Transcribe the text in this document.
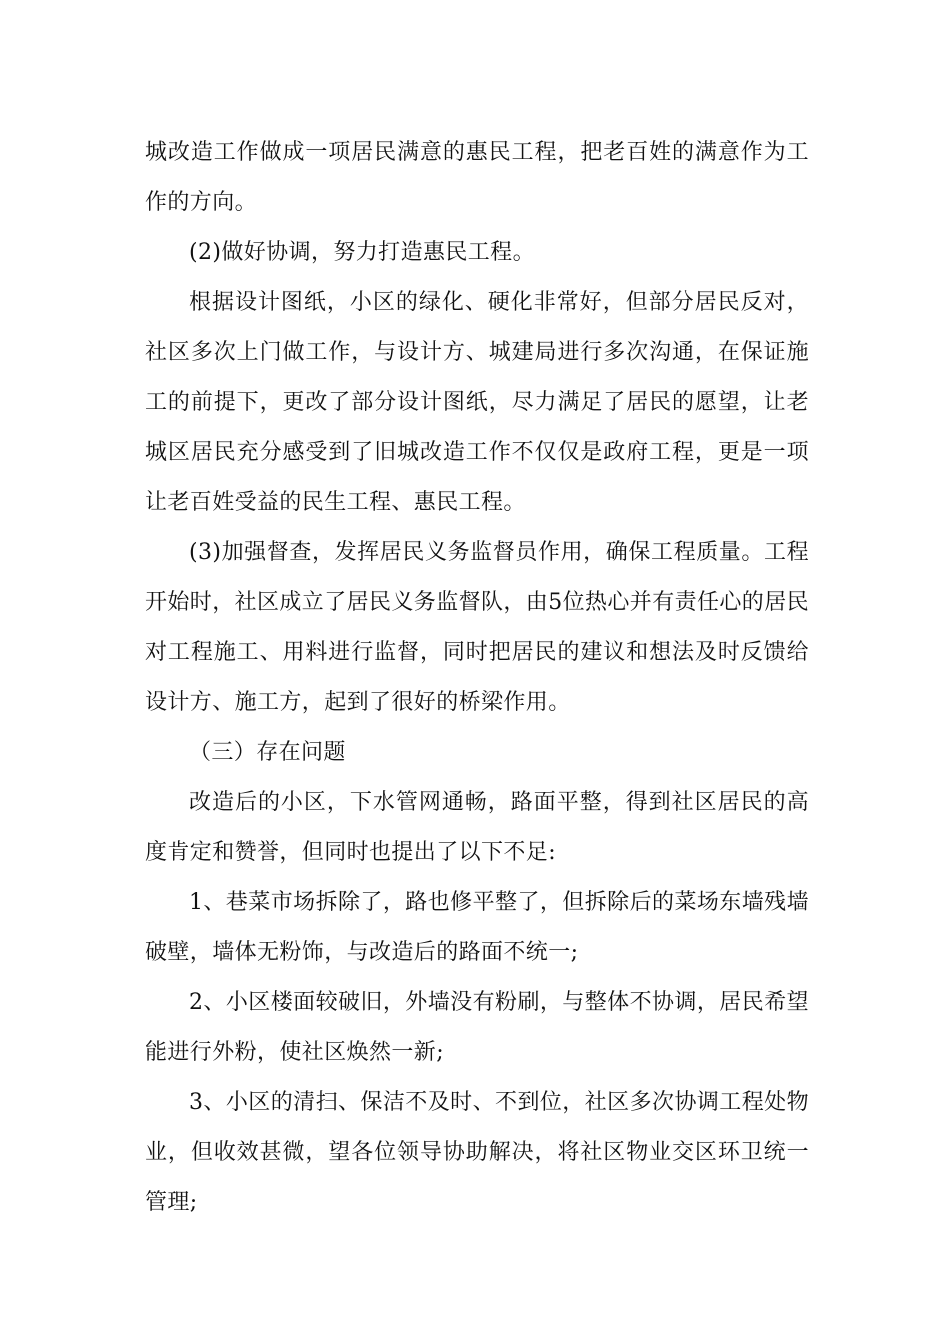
城改造工作做成一项居民满意的惠民工程，把老百姓的满意作为工作的方向。

(2)做好协调，努力打造惠民工程。

根据设计图纸，小区的绿化、硬化非常好，但部分居民反对，社区多次上门做工作，与设计方、城建局进行多次沟通，在保证施工的前提下，更改了部分设计图纸，尽力满足了居民的愿望，让老城区居民充分感受到了旧城改造工作不仅仅是政府工程，更是一项让老百姓受益的民生工程、惠民工程。

(3)加强督查，发挥居民义务监督员作用，确保工程质量。工程开始时，社区成立了居民义务监督队，由5位热心并有责任心的居民对工程施工、用料进行监督，同时把居民的建议和想法及时反馈给设计方、施工方，起到了很好的桥梁作用。

（三）存在问题

改造后的小区，下水管网通畅，路面平整，得到社区居民的高度肯定和赞誉，但同时也提出了以下不足:

1、巷菜市场拆除了，路也修平整了，但拆除后的菜场东墙残墙破壁，墙体无粉饰，与改造后的路面不统一;

2、小区楼面较破旧，外墙没有粉刷，与整体不协调，居民希望能进行外粉，使社区焕然一新;

3、小区的清扫、保洁不及时、不到位，社区多次协调工程处物业，但收效甚微，望各位领导协助解决，将社区物业交区环卫统一管理;
